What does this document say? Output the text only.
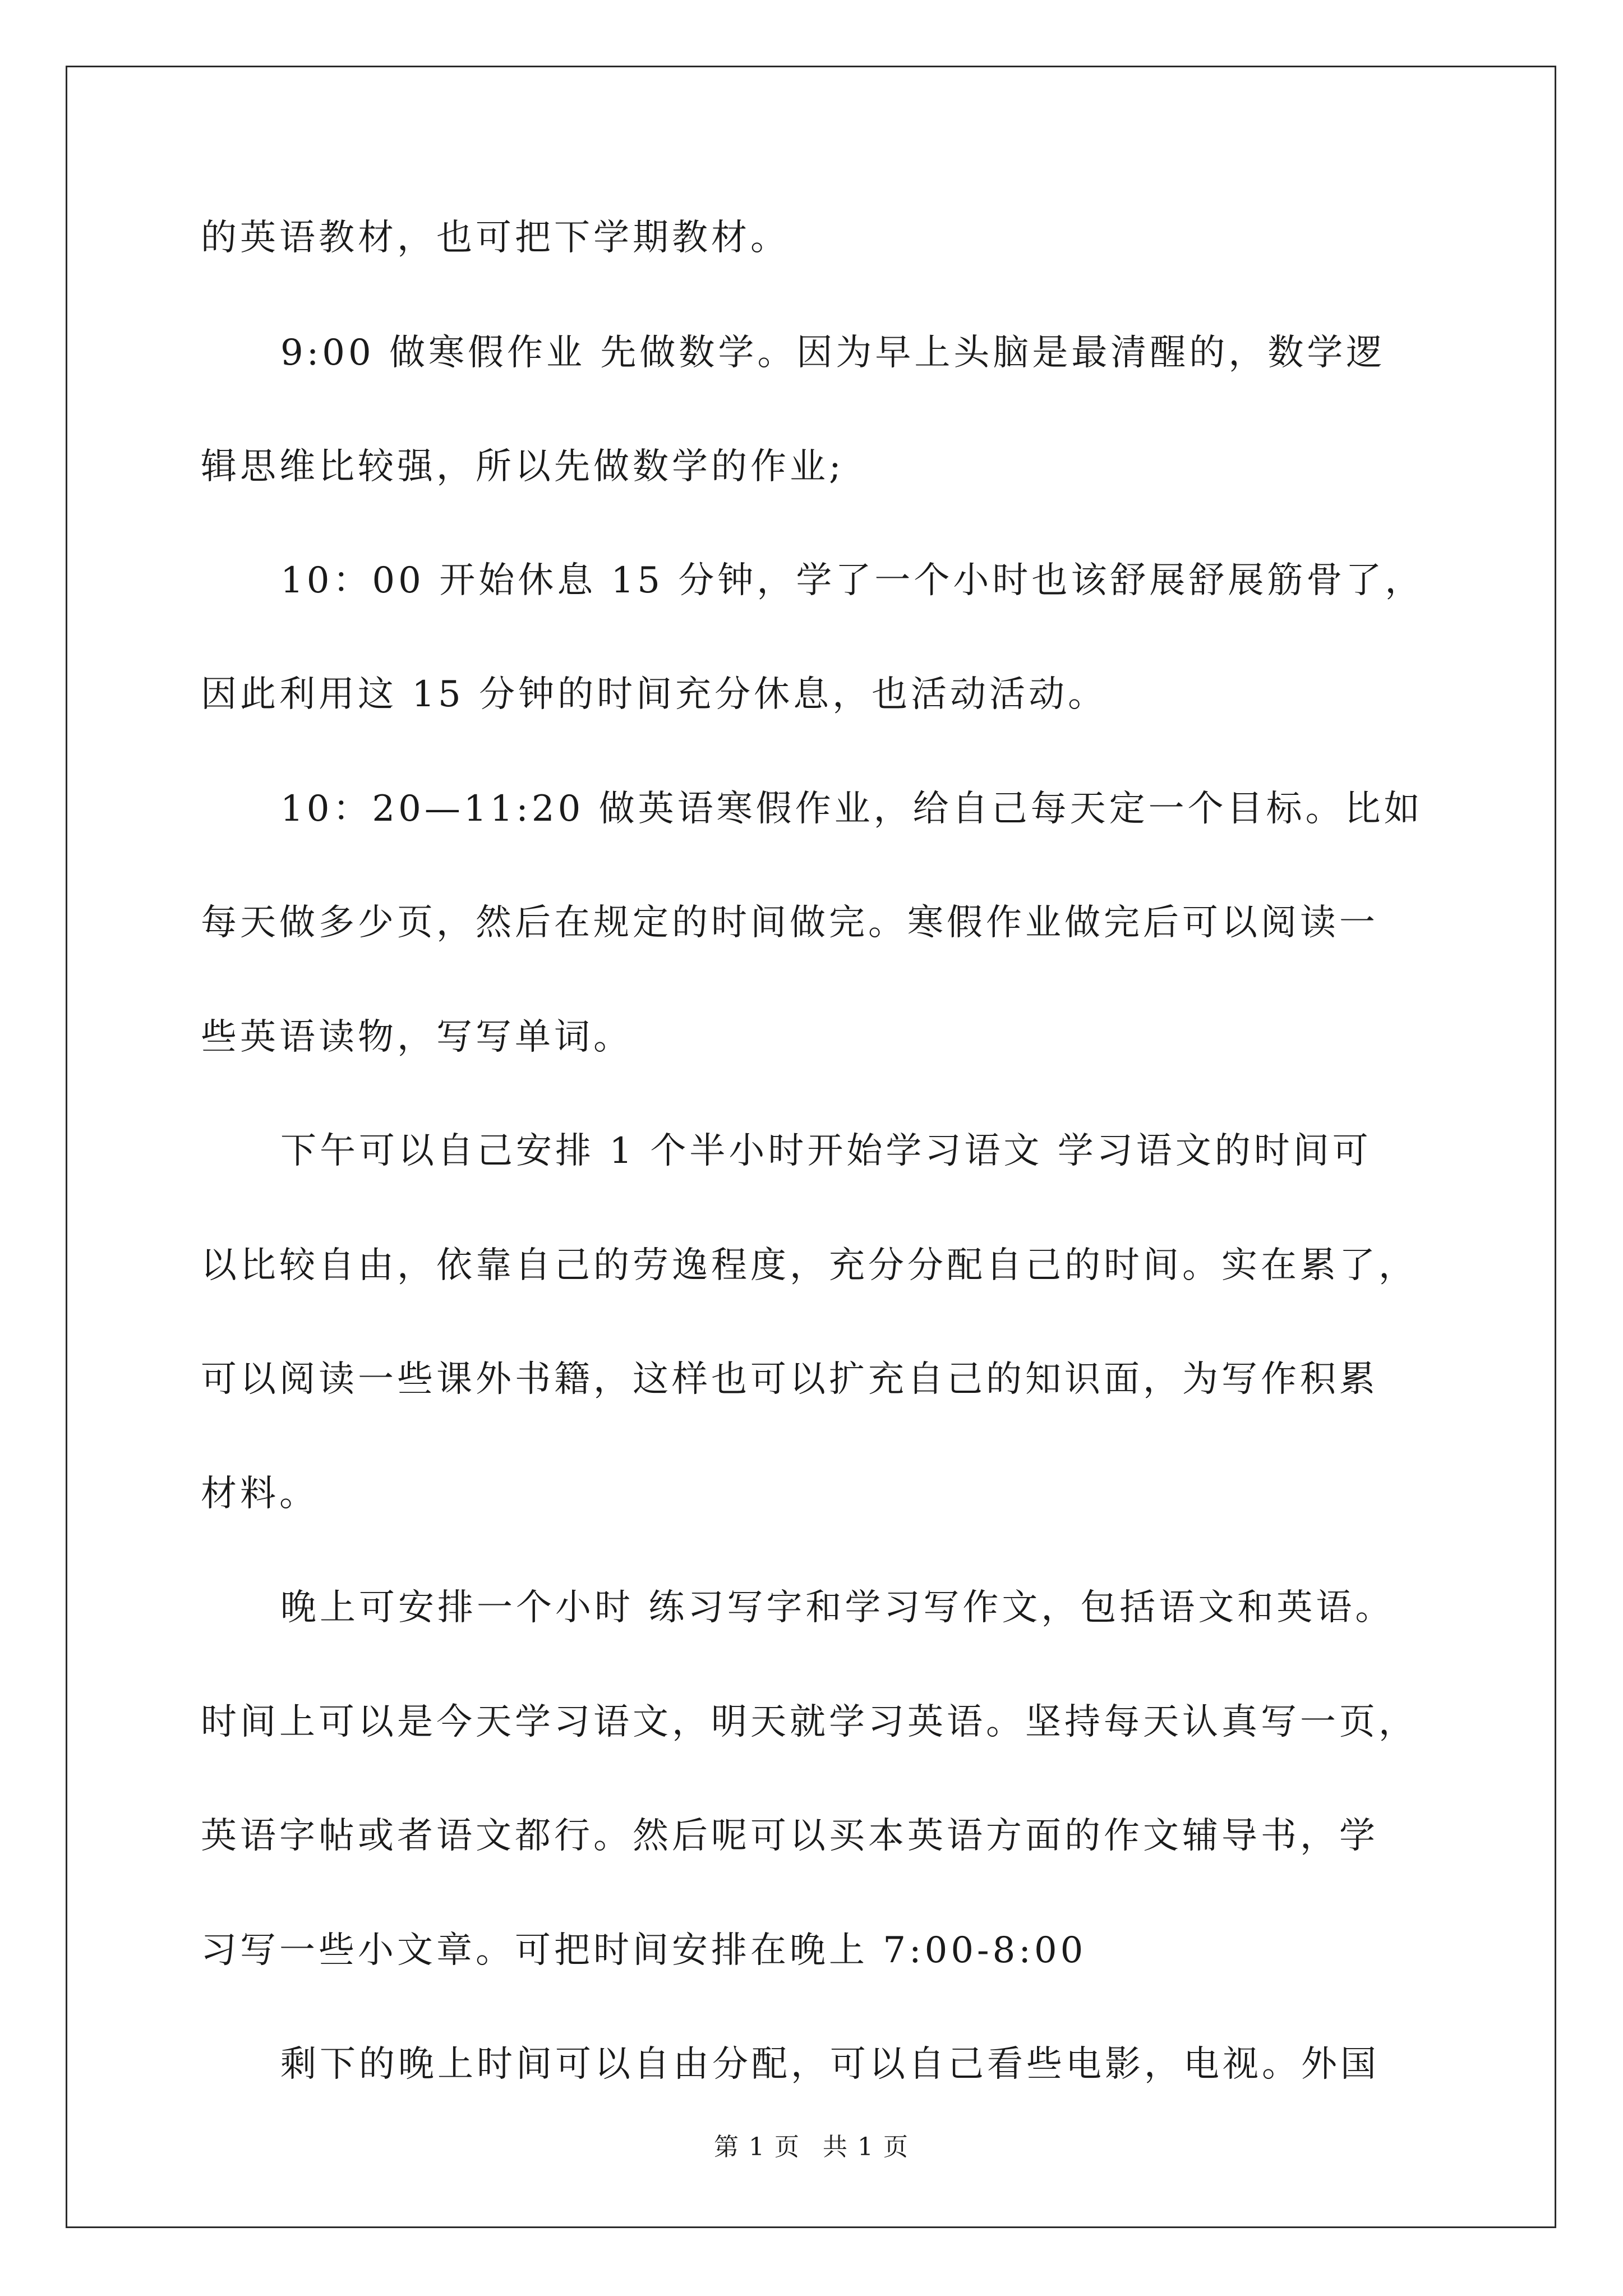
的英语教材，也可把下学期教材。
9:00 做寒假作业 先做数学。因为早上头脑是最清醒的，数学逻
辑思维比较强，所以先做数学的作业;
10：00 开始休息 15 分钟，学了一个小时也该舒展舒展筋骨了，
因此利用这 15 分钟的时间充分休息，也活动活动。
10：20—11:20 做英语寒假作业，给自己每天定一个目标。比如
每天做多少页，然后在规定的时间做完。寒假作业做完后可以阅读一
些英语读物，写写单词。
下午可以自己安排 1 个半小时开始学习语文 学习语文的时间可
以比较自由，依靠自己的劳逸程度，充分分配自己的时间。实在累了，
可以阅读一些课外书籍，这样也可以扩充自己的知识面，为写作积累
材料。
晚上可安排一个小时 练习写字和学习写作文，包括语文和英语。
时间上可以是今天学习语文，明天就学习英语。坚持每天认真写一页，
英语字帖或者语文都行。然后呢可以买本英语方面的作文辅导书，学
习写一些小文章。可把时间安排在晚上 7:00-8:00
剩下的晚上时间可以自由分配，可以自己看些电影，电视。外国
第 1 页 共 1 页
